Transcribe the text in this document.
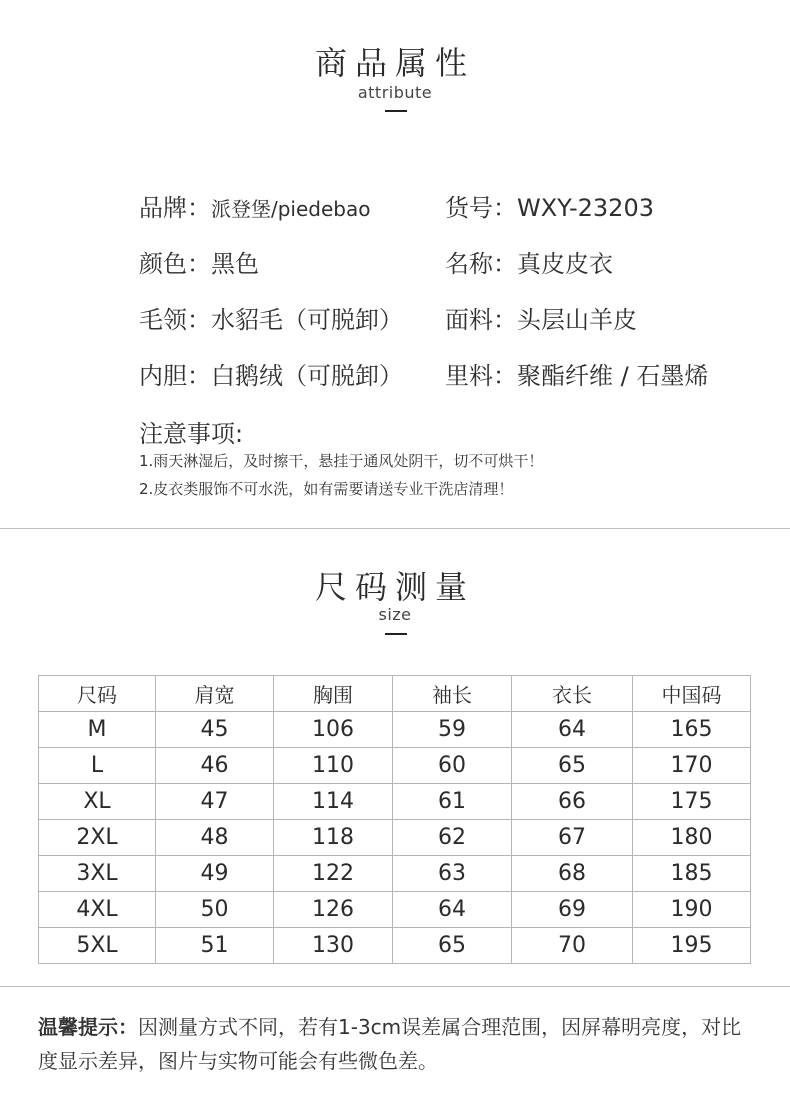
商品属性
attribute
品牌：派登堡/piedebao	货号：WXY-23203
颜色：黑色	名称：真皮皮衣
毛领：水貂毛（可脱卸） 面料：头层山羊皮
内胆：白鹅绒（可脱卸） 里料：聚酯纤维 / 石墨烯
注意事项:
1.雨天淋湿后，及时擦干，悬挂于通风处阴干，切不可烘干！
2.皮衣类服饰不可水洗，如有需要请送专业干洗店清理！
尺码测量
size
尺码	肩宽	胸围	袖长	衣长	中国码
M	45	106	59	64	165
L	46	110	60	65	170
XL	47	114	61	66	175
2XL	48	118	62	67	180
3XL	49	122	63	68	185
4XL	50	126	64	69	190
5XL	51	130	65	70	195
温馨提示：因测量方式不同，若有1-3cm误差属合理范围，因屏幕明亮度，对比度显示差异，图片与实物可能会有些微色差。
